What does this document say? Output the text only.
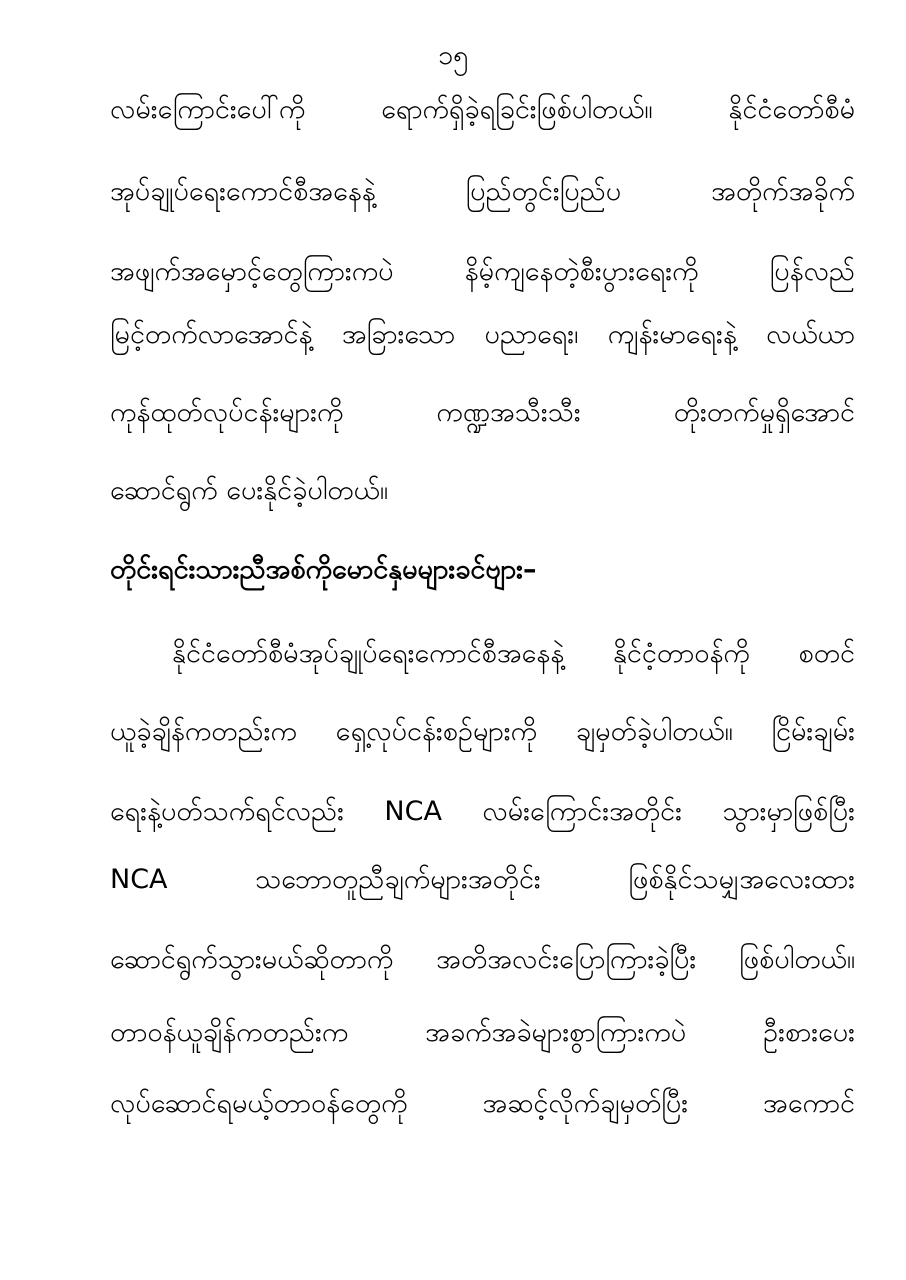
၁၅
လမ်းကြောင်းပေါ်ကို ရောက်ရှိခဲ့ရခြင်းဖြစ်ပါတယ်။ နိုင်ငံတော်စီမံ
အုပ်ချုပ်ရေးကောင်စီအနေနဲ့ ပြည်တွင်းပြည်ပ အတိုက်အခိုက်
အဖျက်အမှောင့်တွေကြားကပဲ နိမ့်ကျနေတဲ့စီးပွားရေးကို ပြန်လည်
မြင့်တက်လာအောင်နဲ့ အခြားသော ပညာရေး၊ ကျန်းမာရေးနဲ့ လယ်ယာ
ကုန်ထုတ်လုပ်ငန်းများကို ကဏ္ဍအသီးသီး တိုးတက်မှုရှိအောင်
ဆောင်ရွက် ပေးနိုင်ခဲ့ပါတယ်။
တိုင်းရင်းသားညီအစ်ကိုမောင်နှမများခင်ဗျား–
နိုင်ငံတော်စီမံအုပ်ချုပ်ရေးကောင်စီအနေနဲ့ နိုင်ငံ့တာဝန်ကို စတင်
ယူခဲ့ချိန်ကတည်းက ရှေ့လုပ်ငန်းစဉ်များကို ချမှတ်ခဲ့ပါတယ်။ ငြိမ်းချမ်း
ရေးနဲ့ပတ်သက်ရင်လည်း NCA လမ်းကြောင်းအတိုင်း သွားမှာဖြစ်ပြီး
NCA သဘောတူညီချက်များအတိုင်း ဖြစ်နိုင်သမျှအလေးထား
ဆောင်ရွက်သွားမယ်ဆိုတာကို အတိအလင်းပြောကြားခဲ့ပြီး ဖြစ်ပါတယ်။
တာဝန်ယူချိန်ကတည်းက အခက်အခဲများစွာကြားကပဲ ဦးစားပေး
လုပ်ဆောင်ရမယ့်တာဝန်တွေကို အဆင့်လိုက်ချမှတ်ပြီး အကောင်
